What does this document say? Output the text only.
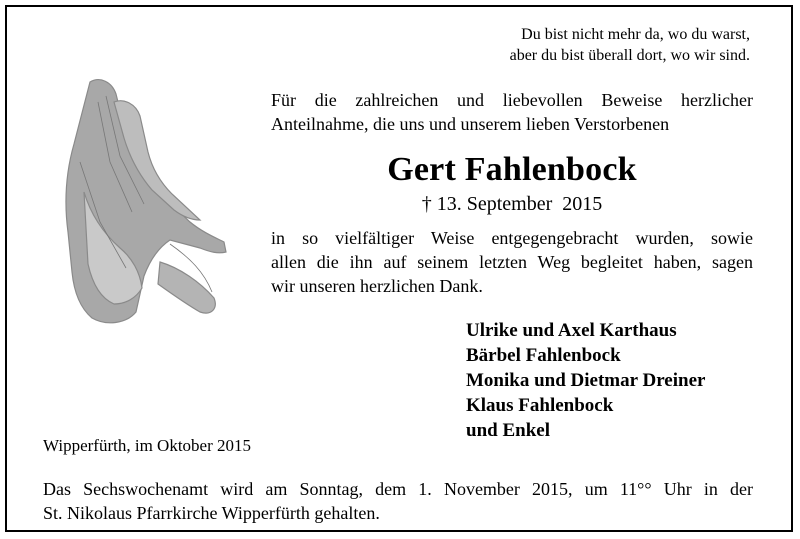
Du bist nicht mehr da, wo du warst,
aber du bist überall dort, wo wir sind.
Für die zahlreichen und liebevollen Beweise herzlicher
Anteilnahme, die uns und unserem lieben Verstorbenen
Gert Fahlenbock
† 13. September  2015
in so vielfältiger Weise entgegengebracht wurden, sowie
allen die ihn auf seinem letzten Weg begleitet haben, sagen
wir unseren herzlichen Dank.
Ulrike und Axel Karthaus
Bärbel Fahlenbock
Monika und Dietmar Dreiner
Klaus Fahlenbock
und Enkel
Wipperfürth, im Oktober 2015
Das Sechswochenamt wird am Sonntag, dem 1. November 2015, um 11°° Uhr in der
St. Nikolaus Pfarrkirche Wipperfürth gehalten.
